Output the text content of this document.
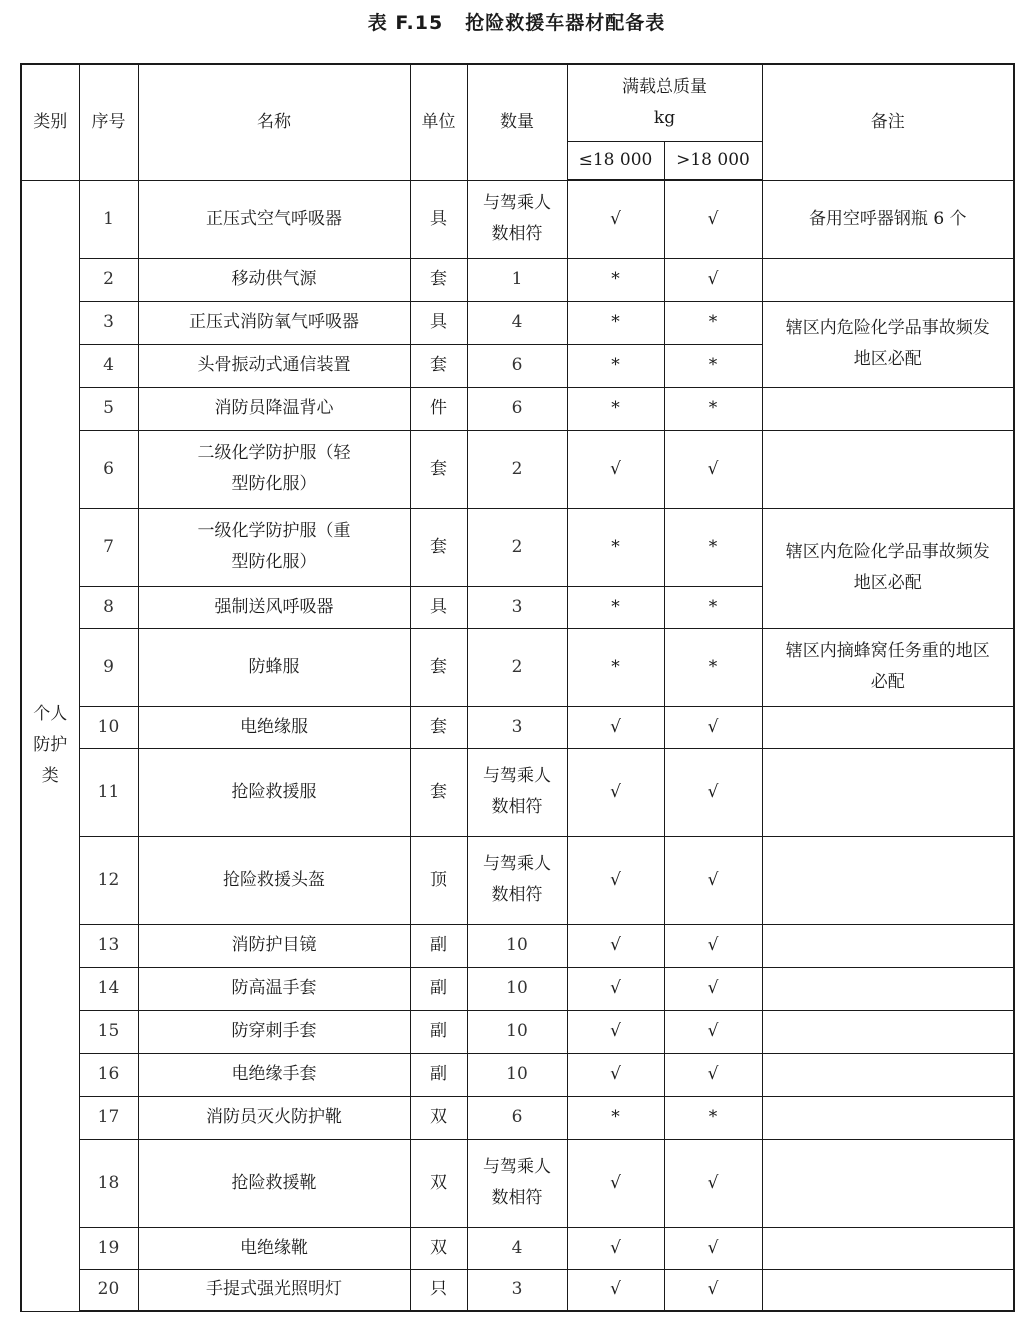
表 F.15 抢险救援车器材配备表
类别	序号	名称	单位	数量	满载总质量
kg		备注
					≤18 000	>18 000	

个人防护类	1	正压式空气呼吸器	具	与驾乘人数相符	√	√	备用空呼器钢瓶 6 个
	2	移动供气源	套	1	*	√	
	3	正压式消防氧气呼吸器	具	4	*	*	辖区内危险化学品事故频发地区必配

	4	头骨振动式通信装置	套	6	*	*	
	5	消防员降温背心	件	6	*	*	
	6	二级化学防护服（轻型防化服）	套	2	√	√	
	7	一级化学防护服（重型防化服）	套	2	*	*	辖区内危险化学品事故频发地区必配

	8	强制送风呼吸器	具	3	*	*	
	9	防蜂服	套	2	*	*	辖区内摘蜂窝任务重的地区必配

	10	电绝缘服	套	3	√	√	
	11	抢险救援服	套	与驾乘人数相符	√	√	
	12	抢险救援头盔	顶	与驾乘人数相符	√	√	
	13	消防护目镜	副	10	√	√	
	14	防高温手套	副	10	√	√	
	15	防穿刺手套	副	10	√	√	
	16	电绝缘手套	副	10	√	√	
	17	消防员灭火防护靴	双	6	*	*	
	18	抢险救援靴	双	与驾乘人数相符	√	√	
	19	电绝缘靴	双	4	√	√	
	20	手提式强光照明灯	只	3	√	√	
